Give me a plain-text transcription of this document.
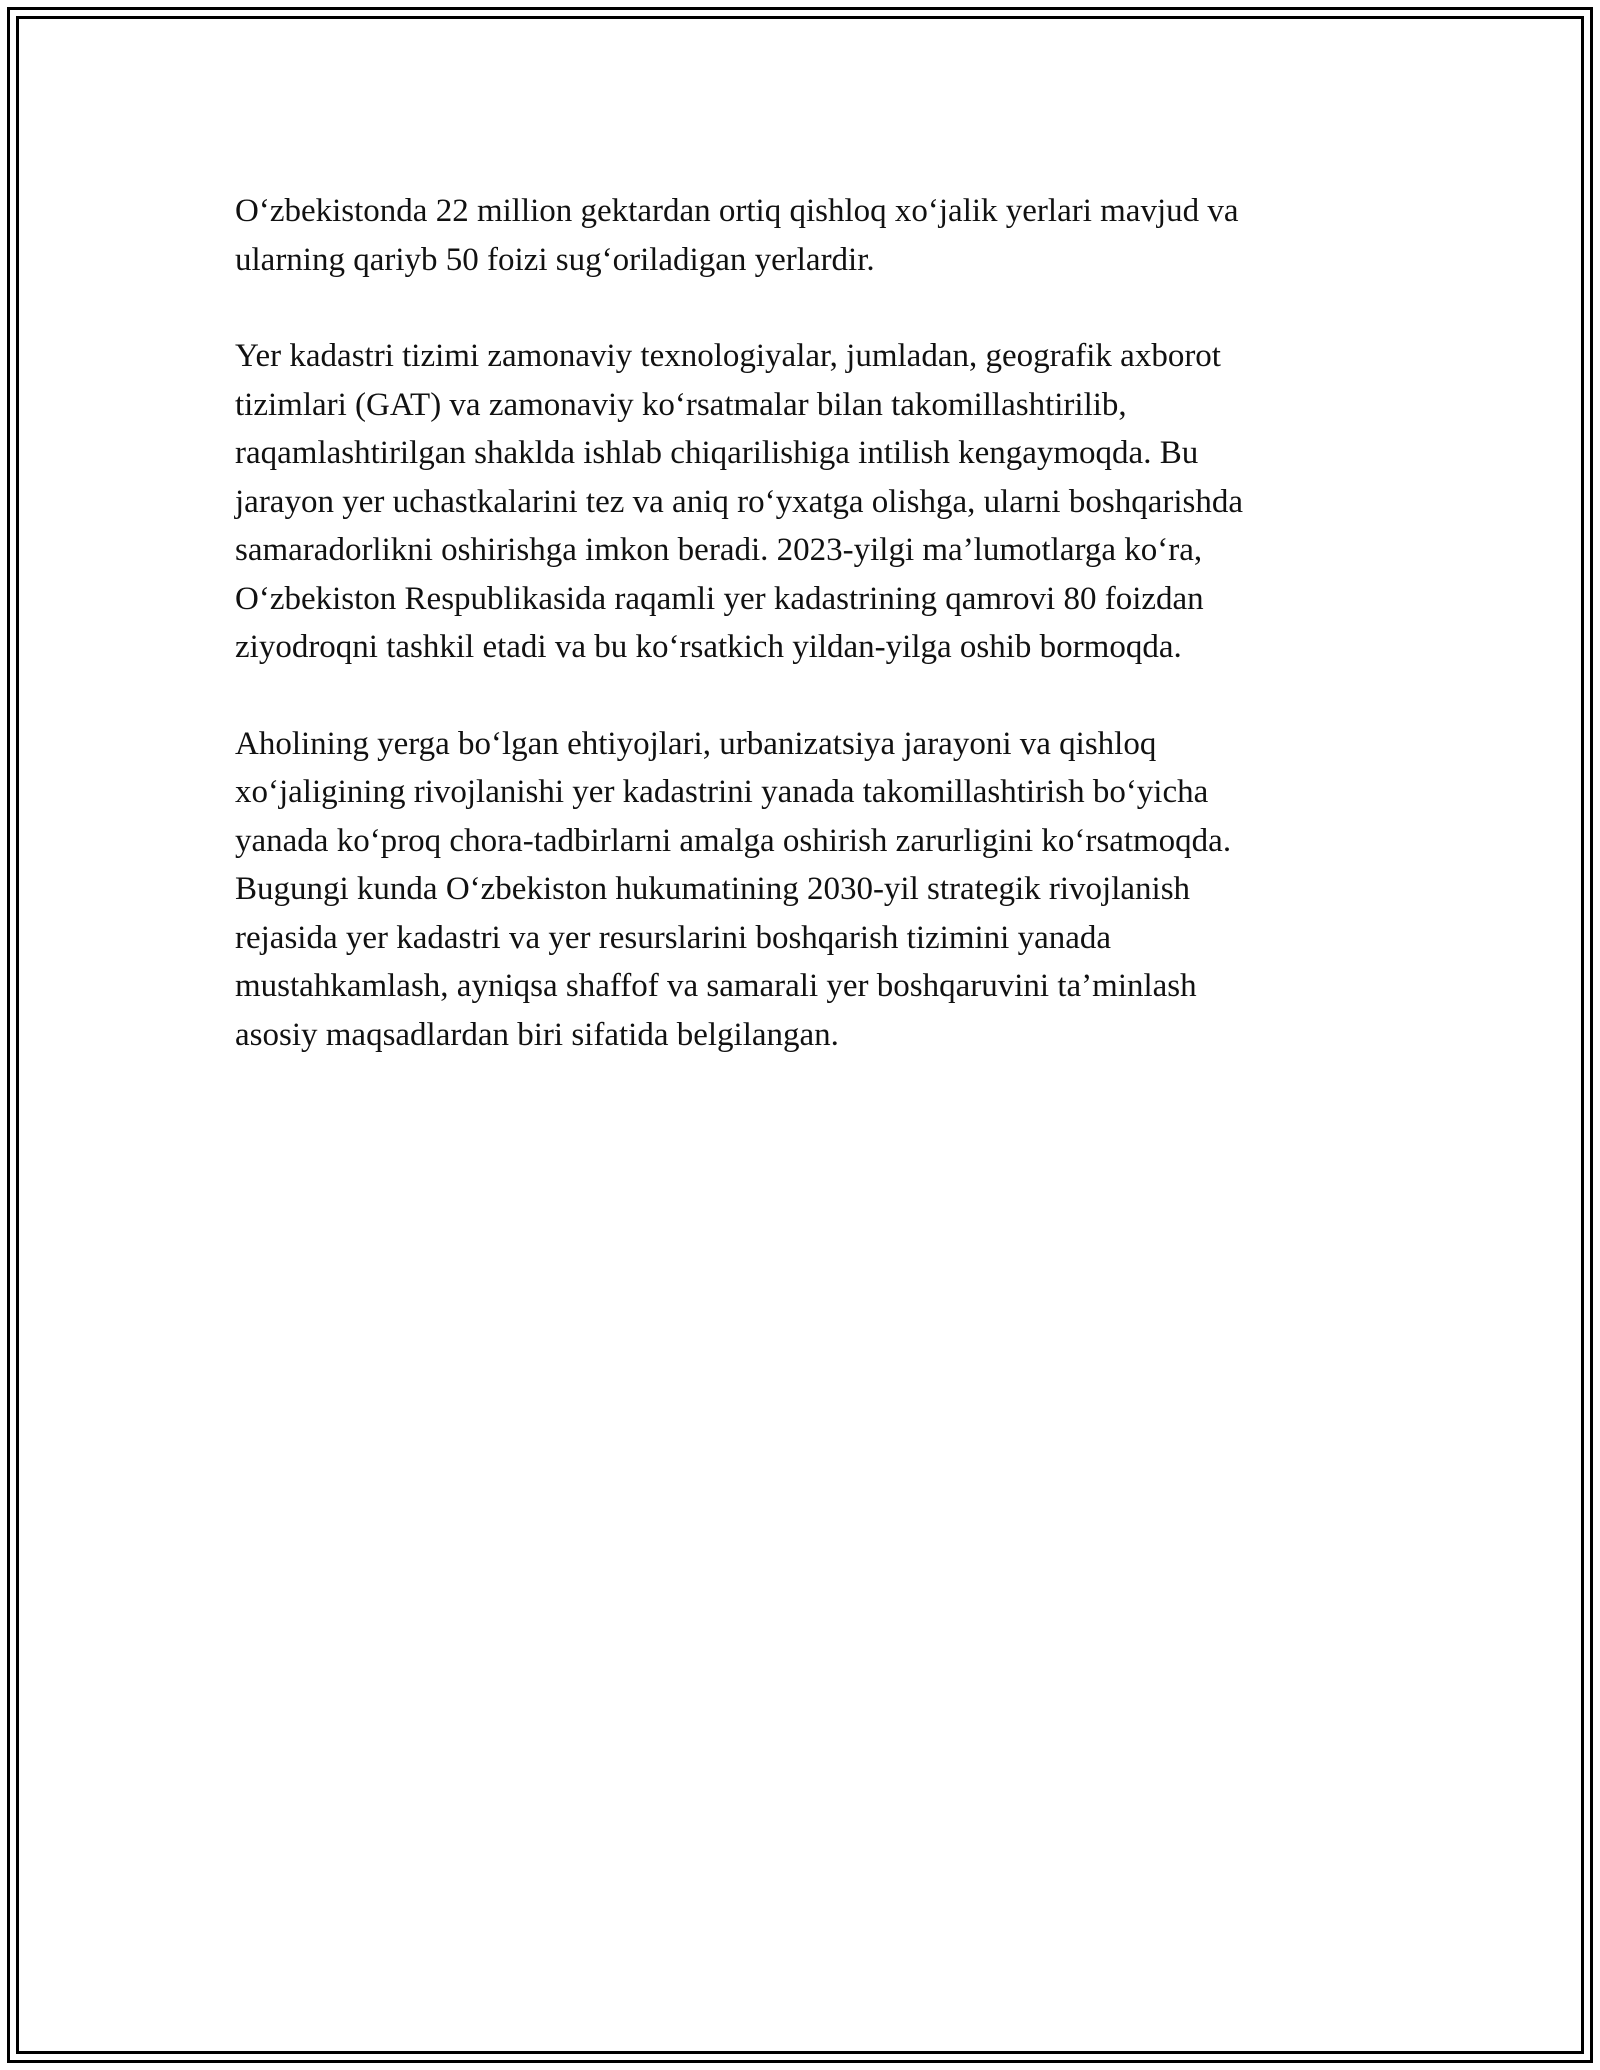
O‘zbekistonda 22 million gektardan ortiq qishloq xo‘jalik yerlari mavjud va
ularning qariyb 50 foizi sug‘oriladigan yerlardir.

Yer kadastri tizimi zamonaviy texnologiyalar, jumladan, geografik axborot
tizimlari (GAT) va zamonaviy ko‘rsatmalar bilan takomillashtirilib,
raqamlashtirilgan shakldа ishlab chiqarilishiga intilish kengaymoqda. Bu
jarayon yer uchastkalarini tez va aniq ro‘yxatga olishga, ularni boshqarishda
samaradorlikni oshirishga imkon beradi. 2023-yilgi ma’lumotlarga ko‘ra,
O‘zbekiston Respublikasida raqamli yer kadastrining qamrovi 80 foizdan
ziyodroqni tashkil etadi va bu ko‘rsatkich yildan-yilga oshib bormoqda.

Aholining yerga bo‘lgan ehtiyojlari, urbanizatsiya jarayoni va qishloq
xo‘jaligining rivojlanishi yer kadastrini yanada takomillashtirish bo‘yicha
yanada ko‘proq chora-tadbirlarni amalga oshirish zarurligini ko‘rsatmoqda.
Bugungi kunda O‘zbekiston hukumatining 2030-yil strategik rivojlanish
rejasida yer kadastri va yer resurslarini boshqarish tizimini yanada
mustahkamlash, ayniqsa shaffof va samarali yer boshqaruvini ta’minlash
asosiy maqsadlardan biri sifatida belgilangan.
